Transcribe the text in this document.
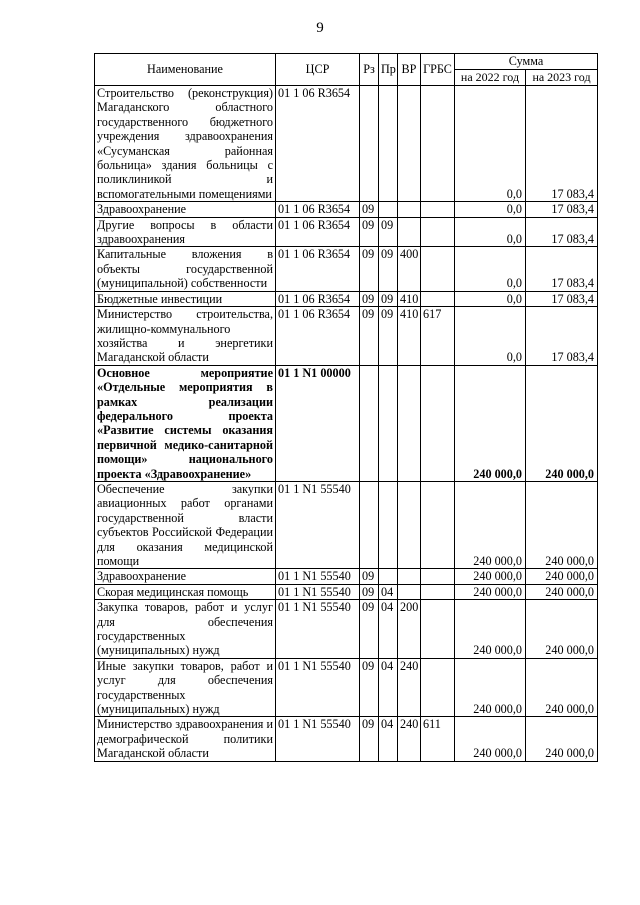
9
Наименование	ЦСР	Рз	Пр	ВР	ГРБС	Сумма	
						на 2022 год	на 2023 год
Строительство (реконструкция) Магаданского областного государственного бюджетного учреждения здравоохранения «Сусуманская районная больница» здания больницы с поликлиникой и вспомогательными помещениями	01 1 06 R3654					0,0	17 083,4
Здравоохранение	01 1 06 R3654	09				0,0	17 083,4
Другие вопросы в области здравоохранения	01 1 06 R3654	09	09			0,0	17 083,4
Капитальные вложения в объекты государственной (муниципальной) собственности	01 1 06 R3654	09	09	400		0,0	17 083,4
Бюджетные инвестиции	01 1 06 R3654	09	09	410		0,0	17 083,4
Министерство строительства, жилищно-коммунального хозяйства и энергетики Магаданской области	01 1 06 R3654	09	09	410	617	0,0	17 083,4
Основное мероприятие «Отдельные мероприятия в рамках реализации федерального проекта «Развитие системы оказания первичной медико-санитарной помощи» национального проекта «Здравоохранение»	01 1 N1 00000					240 000,0	240 000,0
Обеспечение закупки авиационных работ органами государственной власти субъектов Российской Федерации для оказания медицинской помощи	01 1 N1 55540					240 000,0	240 000,0
Здравоохранение	01 1 N1 55540	09				240 000,0	240 000,0
Скорая медицинская помощь	01 1 N1 55540	09	04			240 000,0	240 000,0
Закупка товаров, работ и услуг для обеспечения государственных (муниципальных) нужд	01 1 N1 55540	09	04	200		240 000,0	240 000,0
Иные закупки товаров, работ и услуг для обеспечения государственных (муниципальных) нужд	01 1 N1 55540	09	04	240		240 000,0	240 000,0
Министерство здравоохранения и демографической политики Магаданской области	01 1 N1 55540	09	04	240	611	240 000,0	240 000,0
